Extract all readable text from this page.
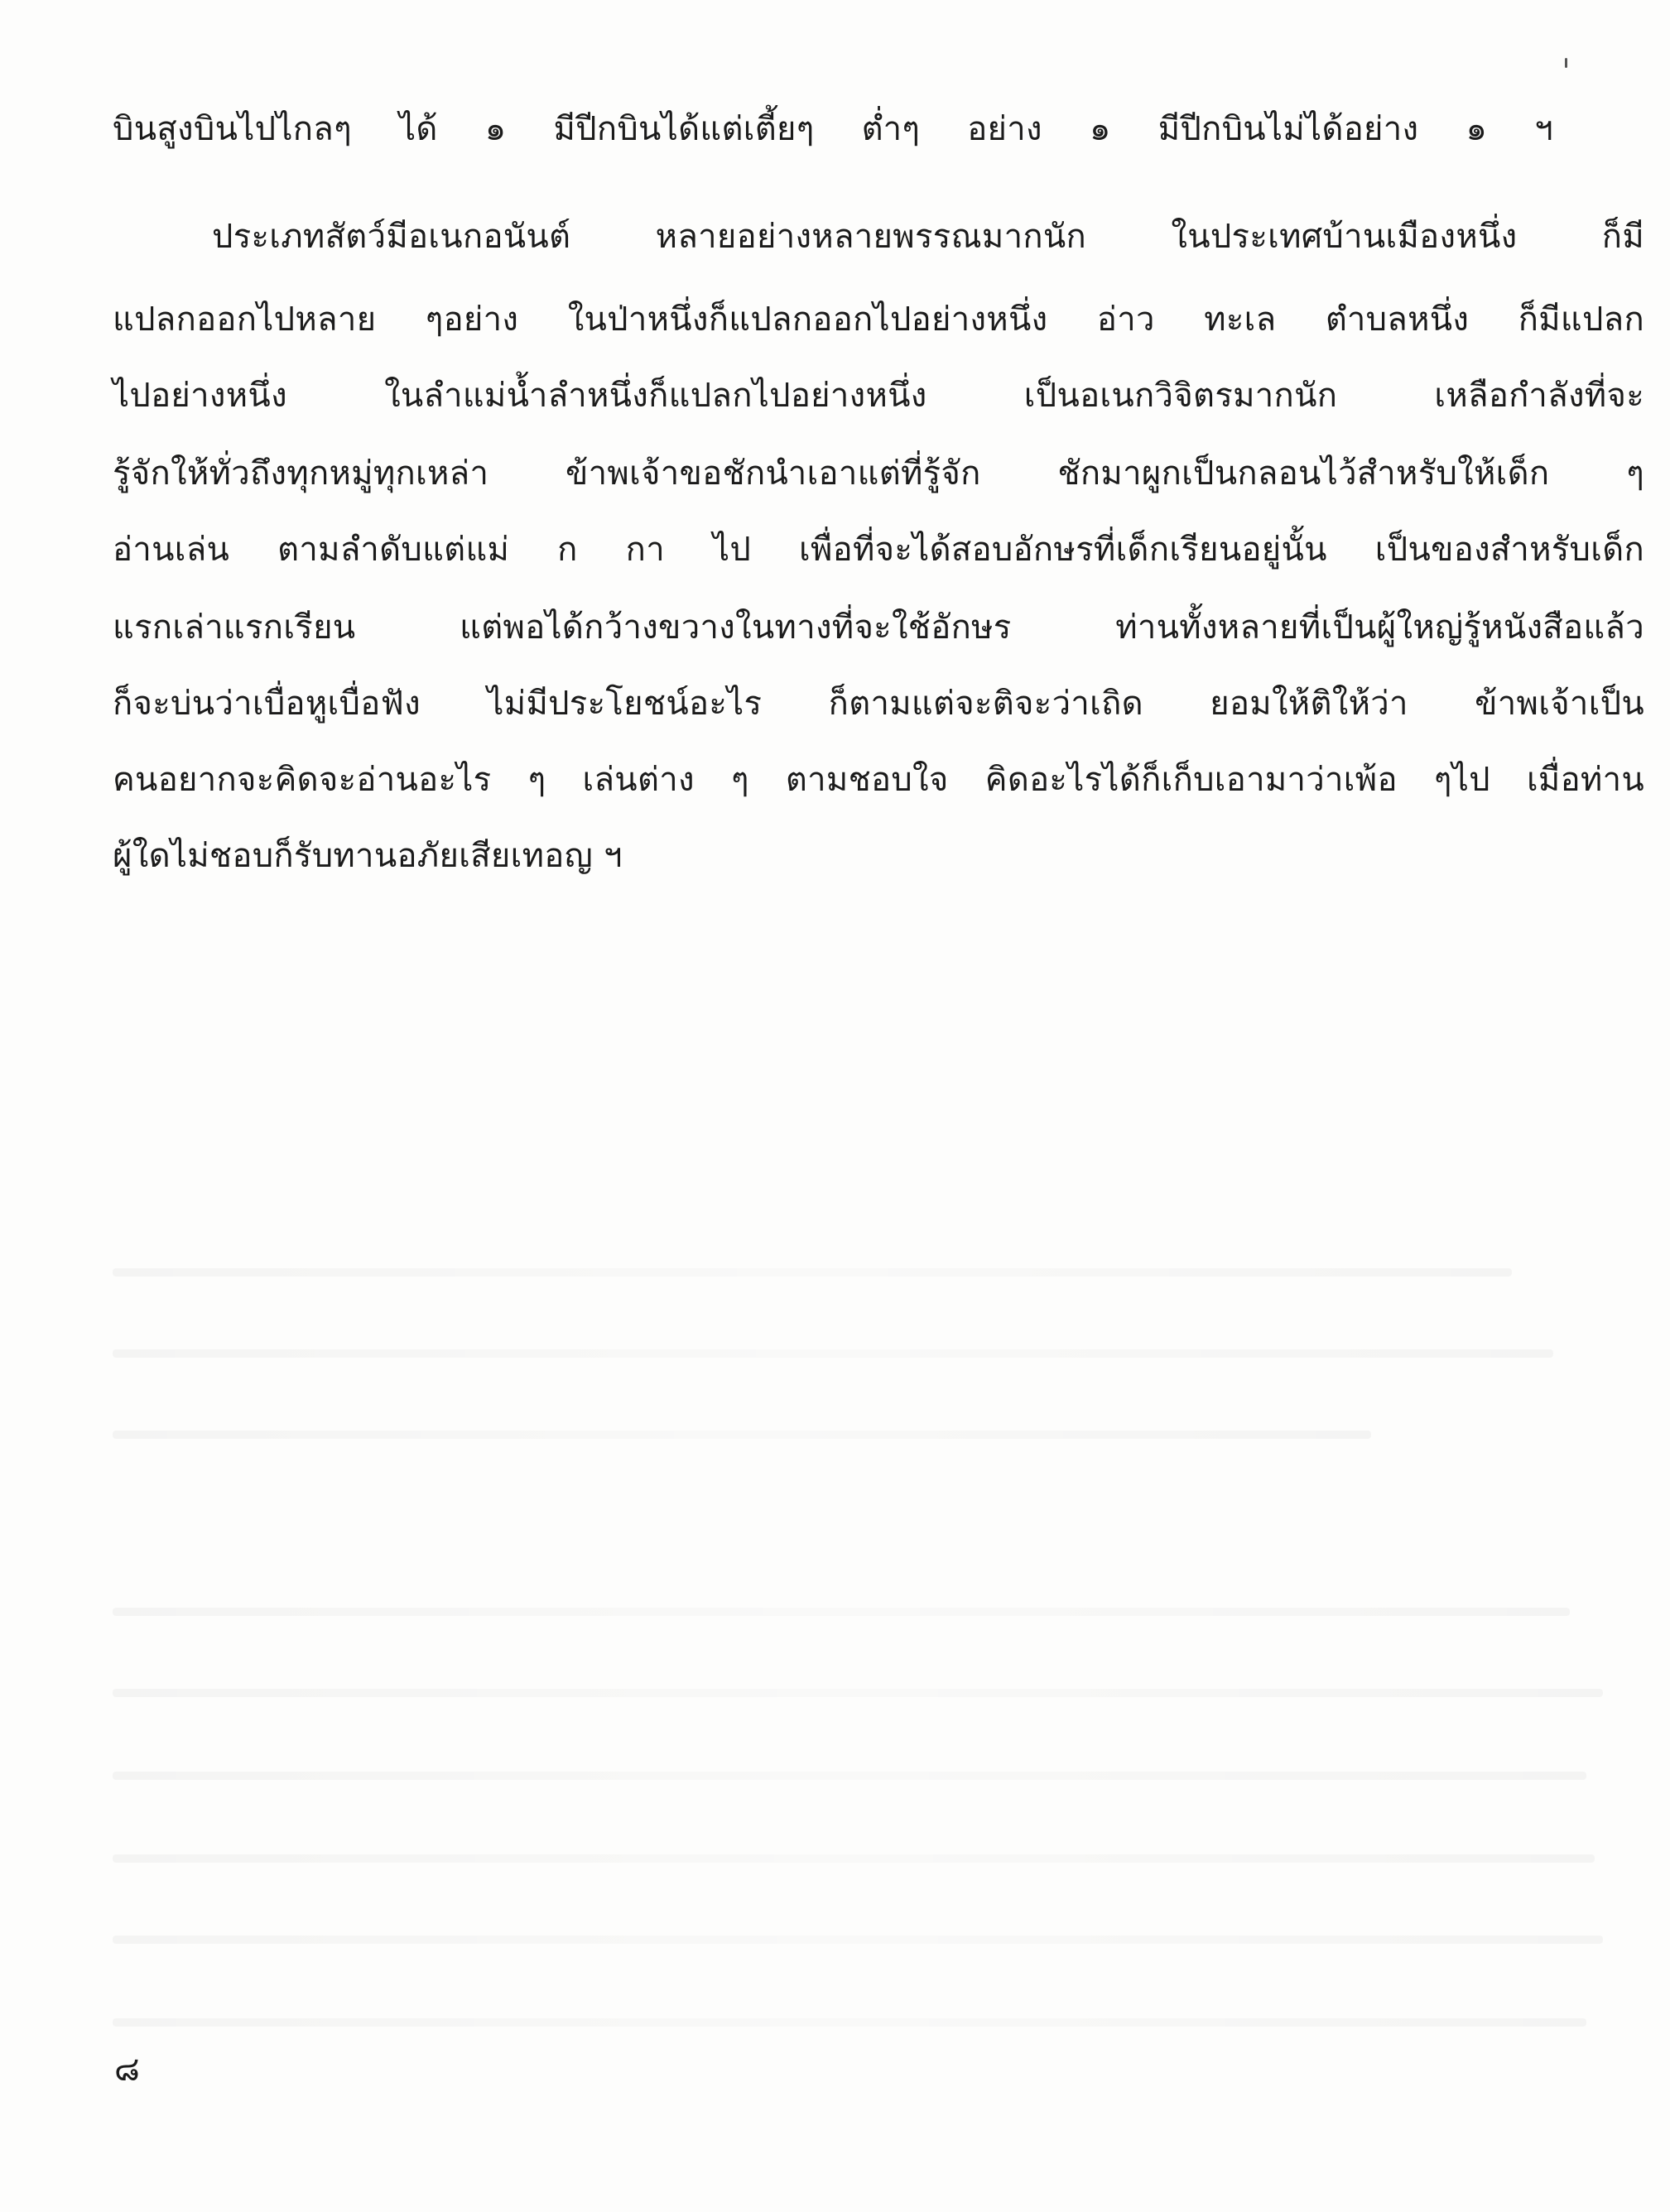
บินสูงบินไปไกลๆ ได้ ๑ มีปีกบินได้แต่เตี้ยๆ ต่ำๆ อย่าง ๑ มีปีกบินไม่ได้อย่าง ๑ ฯ
ประเภทสัตว์มีอเนกอนันต์ หลายอย่างหลายพรรณมากนัก ในประเทศบ้านเมืองหนึ่ง ก็มี
แปลกออกไปหลาย ๆอย่าง ในป่าหนึ่งก็แปลกออกไปอย่างหนึ่ง อ่าว ทะเล ตำบลหนึ่ง ก็มีแปลก
ไปอย่างหนึ่ง ในลำแม่น้ำลำหนึ่งก็แปลกไปอย่างหนึ่ง เป็นอเนกวิจิตรมากนัก เหลือกำลังที่จะ
รู้จักให้ทั่วถึงทุกหมู่ทุกเหล่า ข้าพเจ้าขอชักนำเอาแต่ที่รู้จัก ชักมาผูกเป็นกลอนไว้สำหรับให้เด็ก ๆ
อ่านเล่น ตามลำดับแต่แม่ ก กา ไป เพื่อที่จะได้สอบอักษรที่เด็กเรียนอยู่นั้น เป็นของสำหรับเด็ก
แรกเล่าแรกเรียน แต่พอได้กว้างขวางในทางที่จะใช้อักษร ท่านทั้งหลายที่เป็นผู้ใหญ่รู้หนังสือแล้ว
ก็จะบ่นว่าเบื่อหูเบื่อฟัง ไม่มีประโยชน์อะไร ก็ตามแต่จะติจะว่าเถิด ยอมให้ติให้ว่า ข้าพเจ้าเป็น
คนอยากจะคิดจะอ่านอะไร ๆ เล่นต่าง ๆ ตามชอบใจ คิดอะไรได้ก็เก็บเอามาว่าเพ้อ ๆไป เมื่อท่าน
ผู้ใดไม่ชอบก็รับทานอภัยเสียเทอญ ฯ
๘
